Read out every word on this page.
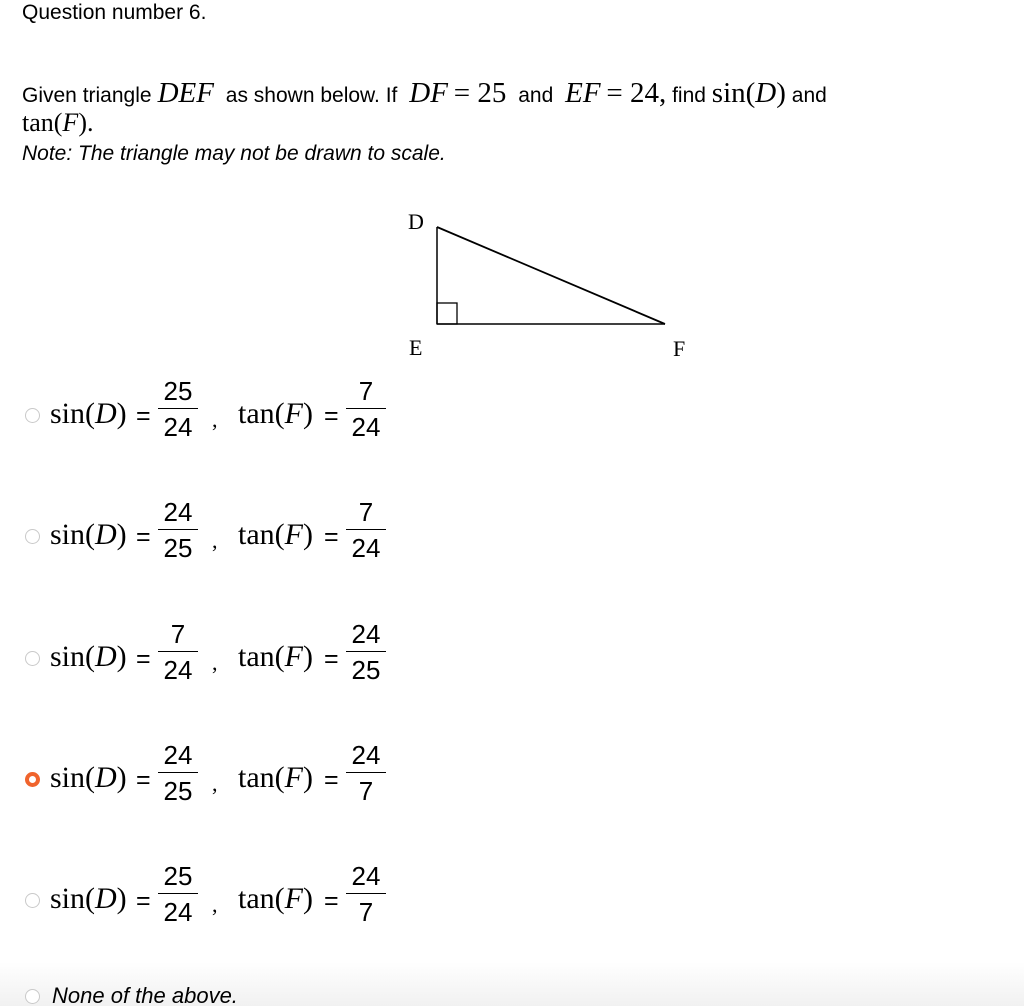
Question number 6.
Given triangle DEF as shown below. If DF = 25 and EF = 24, find sin(D) and
tan(F).
Note: The triangle may not be drawn to scale.
D
E	F
sin(D) =
25
24 , tan(F) =
7
24
sin(D) =
24
25 , tan(F) =
7
24
sin(D) =
7
24 , tan(F) =
24
25
sin(D) =
24
25 , tan(F) =
24
7
sin(D) =
25
24 , tan(F) =
24
7
None of the above.
